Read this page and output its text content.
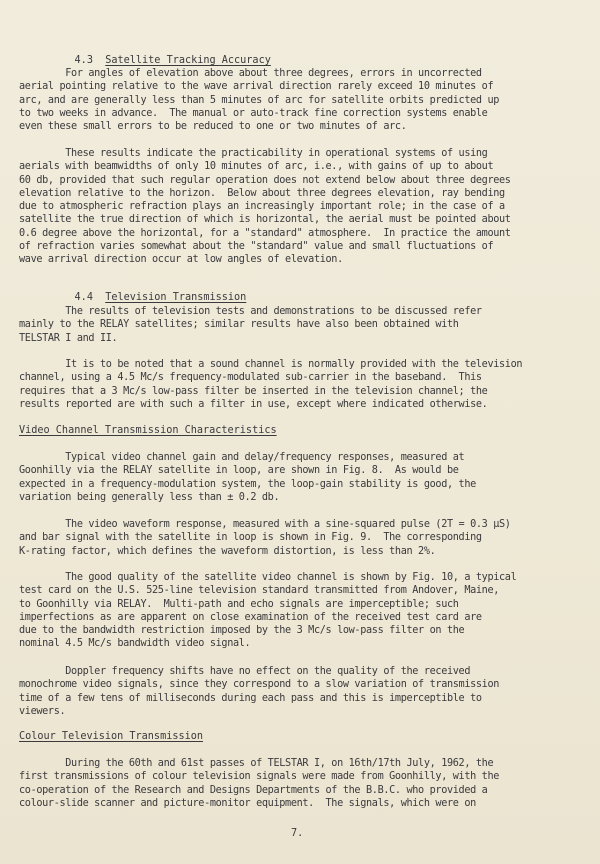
4.3 Satellite Tracking Accuracy

For angles of elevation above about three degrees, errors in uncorrected
aerial pointing relative to the wave arrival direction rarely exceed 10 minutes of
arc, and are generally less than 5 minutes of arc for satellite orbits predicted up
to two weeks in advance.  The manual or auto-track fine correction systems enable
even these small errors to be reduced to one or two minutes of arc.
These results indicate the practicability in operational systems of using
aerials with beamwidths of only 10 minutes of arc, i.e., with gains of up to about
60 db, provided that such regular operation does not extend below about three degrees
elevation relative to the horizon.  Below about three degrees elevation, ray bending
due to atmospheric refraction plays an increasingly important role; in the case of a
satellite the true direction of which is horizontal, the aerial must be pointed about
0.6 degree above the horizontal, for a "standard" atmosphere.  In practice the amount
of refraction varies somewhat about the "standard" value and small fluctuations of
wave arrival direction occur at low angles of elevation.

4.4 Television Transmission

The results of television tests and demonstrations to be discussed refer
mainly to the RELAY satellites; similar results have also been obtained with
TELSTAR I and II.
It is to be noted that a sound channel is normally provided with the television
channel, using a 4.5 Mc/s frequency-modulated sub-carrier in the baseband.  This
requires that a 3 Mc/s low-pass filter be inserted in the television channel; the
results reported are with such a filter in use, except where indicated otherwise.
Video Channel Transmission Characteristics
Typical video channel gain and delay/frequency responses, measured at
Goonhilly via the RELAY satellite in loop, are shown in Fig. 8.  As would be
expected in a frequency-modulation system, the loop-gain stability is good, the
variation being generally less than ± 0.2 db.
The video waveform response, measured with a sine-squared pulse (2T = 0.3 μS)
and bar signal with the satellite in loop is shown in Fig. 9.  The corresponding
K-rating factor, which defines the waveform distortion, is less than 2%.
The good quality of the satellite video channel is shown by Fig. 10, a typical
test card on the U.S. 525-line television standard transmitted from Andover, Maine,
to Goonhilly via RELAY.  Multi-path and echo signals are imperceptible; such
imperfections as are apparent on close examination of the received test card are
due to the bandwidth restriction imposed by the 3 Mc/s low-pass filter on the
nominal 4.5 Mc/s bandwidth video signal.
Doppler frequency shifts have no effect on the quality of the received
monochrome video signals, since they correspond to a slow variation of transmission
time of a few tens of milliseconds during each pass and this is imperceptible to
viewers.
Colour Television Transmission
During the 60th and 61st passes of TELSTAR I, on 16th/17th July, 1962, the
first transmissions of colour television signals were made from Goonhilly, with the
co-operation of the Research and Designs Departments of the B.B.C. who provided a
colour-slide scanner and picture-monitor equipment.  The signals, which were on
7.
